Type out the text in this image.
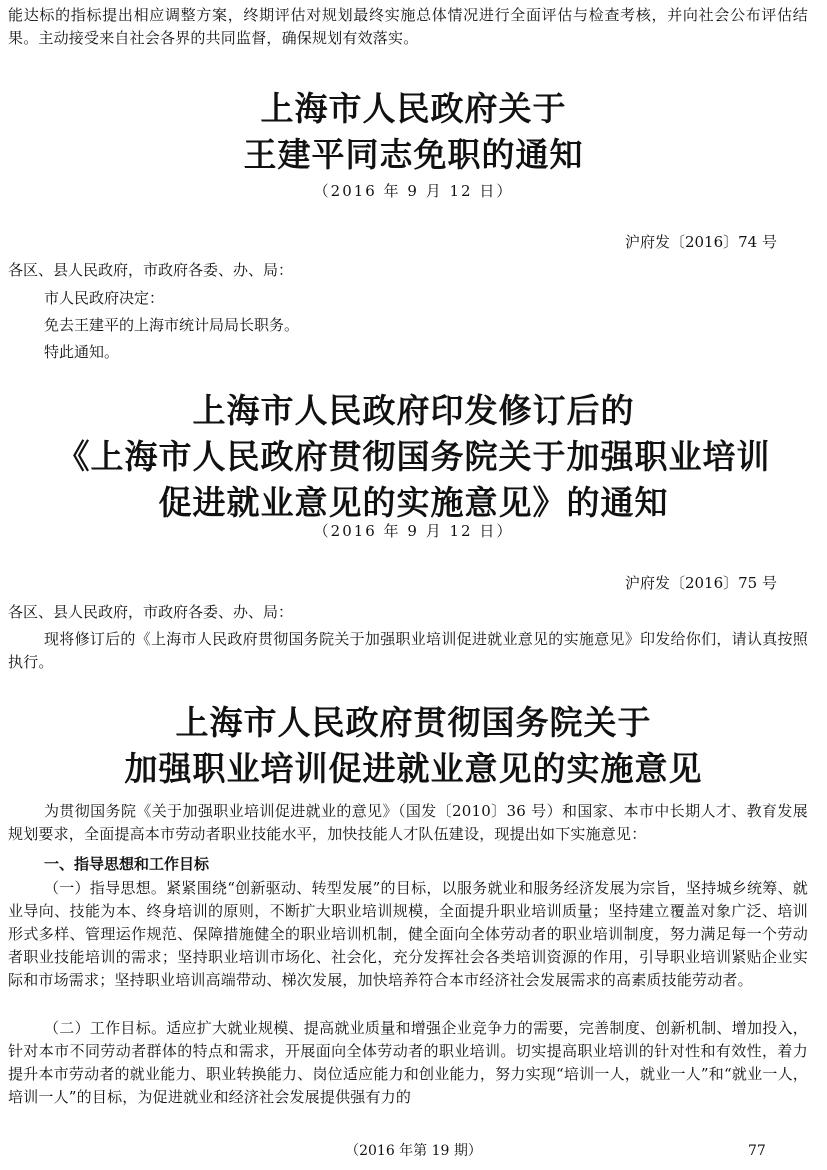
能达标的指标提出相应调整方案，终期评估对规划最终实施总体情况进行全面评估与检查考核，并向社会公布评估结果。主动接受来自社会各界的共同监督，确保规划有效落实。

上海市人民政府关于
王建平同志免职的通知

（2016 年 9 月 12 日）

沪府发〔2016〕74 号

各区、县人民政府，市政府各委、办、局：

市人民政府决定：

免去王建平的上海市统计局局长职务。

特此通知。

上海市人民政府印发修订后的
《上海市人民政府贯彻国务院关于加强职业培训
促进就业意见的实施意见》的通知

（2016 年 9 月 12 日）

沪府发〔2016〕75 号

各区、县人民政府，市政府各委、办、局：

现将修订后的《上海市人民政府贯彻国务院关于加强职业培训促进就业意见的实施意见》印发给你们，请认真按照执行。

上海市人民政府贯彻国务院关于
加强职业培训促进就业意见的实施意见

为贯彻国务院《关于加强职业培训促进就业的意见》（国发〔2010〕36 号）和国家、本市中长期人才、教育发展规划要求，全面提高本市劳动者职业技能水平，加快技能人才队伍建设，现提出如下实施意见：

一、指导思想和工作目标

（一）指导思想。紧紧围绕“创新驱动、转型发展”的目标，以服务就业和服务经济发展为宗旨，坚持城乡统筹、就业导向、技能为本、终身培训的原则，不断扩大职业培训规模，全面提升职业培训质量；坚持建立覆盖对象广泛、培训形式多样、管理运作规范、保障措施健全的职业培训机制，健全面向全体劳动者的职业培训制度，努力满足每一个劳动者职业技能培训的需求；坚持职业培训市场化、社会化，充分发挥社会各类培训资源的作用，引导职业培训紧贴企业实际和市场需求；坚持职业培训高端带动、梯次发展，加快培养符合本市经济社会发展需求的高素质技能劳动者。

（二）工作目标。适应扩大就业规模、提高就业质量和增强企业竞争力的需要，完善制度、创新机制、增加投入，针对本市不同劳动者群体的特点和需求，开展面向全体劳动者的职业培训。切实提高职业培训的针对性和有效性，着力提升本市劳动者的就业能力、职业转换能力、岗位适应能力和创业能力，努力实现“培训一人，就业一人”和“就业一人，培训一人”的目标，为促进就业和经济社会发展提供强有力的

（2016 年第 19 期）	77
